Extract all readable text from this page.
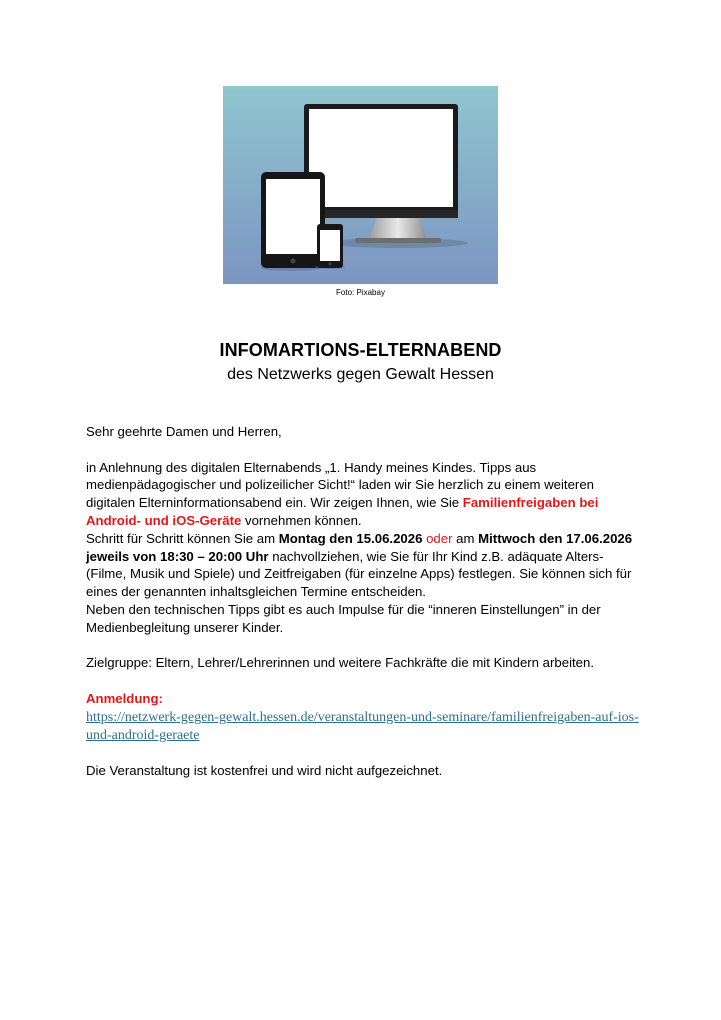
Foto: Pixabay
INFOMARTIONS-ELTERNABEND
des Netzwerks gegen Gewalt Hessen

Sehr geehrte Damen und Herren,

in Anlehnung des digitalen Elternabends „1. Handy meines Kindes. Tipps aus medienpädagogischer und polizeilicher Sicht!“ laden wir Sie herzlich zu einem weiteren digitalen Elterninformationsabend ein. Wir zeigen Ihnen, wie Sie Familienfreigaben bei Android- und iOS-Geräte vornehmen können.

Schritt für Schritt können Sie am Montag den 15.06.2026 oder am Mittwoch den 17.06.2026 jeweils von 18:30 – 20:00 Uhr nachvollziehen, wie Sie für Ihr Kind z.B. adäquate Alters- (Filme, Musik und Spiele) und Zeitfreigaben (für einzelne Apps) festlegen. Sie können sich für eines der genannten inhaltsgleichen Termine entscheiden.

Neben den technischen Tipps gibt es auch Impulse für die “inneren Einstellungen” in der Medienbegleitung unserer Kinder.

Zielgruppe: Eltern, Lehrer/Lehrerinnen und weitere Fachkräfte die mit Kindern arbeiten.

Anmeldung:

https://netzwerk-gegen-gewalt.hessen.de/veranstaltungen-und-seminare/familienfreigaben-auf-ios-und-android-geraete

Die Veranstaltung ist kostenfrei und wird nicht aufgezeichnet.
